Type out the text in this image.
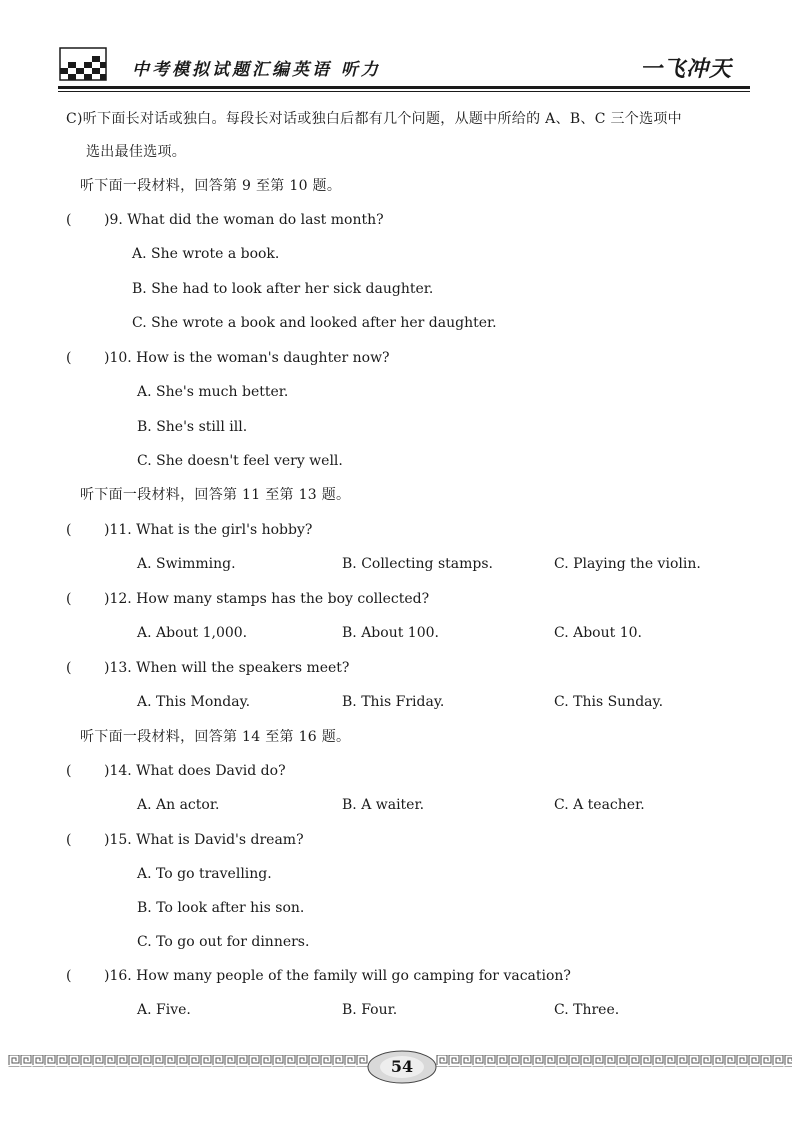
中考模拟试题汇编英语 听力	一飞冲天
C)听下面长对话或独白。每段长对话或独白后都有几个问题，从题中所给的 A、B、C 三个选项中
选出最佳选项。
听下面一段材料，回答第 9 至第 10 题。
( )9. What did the woman do last month?
A. She wrote a book.
B. She had to look after her sick daughter.
C. She wrote a book and looked after her daughter.
( )10. How is the woman's daughter now?
A. She's much better.
B. She's still ill.
C. She doesn't feel very well.
听下面一段材料，回答第 11 至第 13 题。
( )11. What is the girl's hobby?
A. Swimming.	B. Collecting stamps.	C. Playing the violin.
( )12. How many stamps has the boy collected?
A. About 1,000.	B. About 100.	C. About 10.
( )13. When will the speakers meet?
A. This Monday.	B. This Friday.	C. This Sunday.
听下面一段材料，回答第 14 至第 16 题。
( )14. What does David do?
A. An actor.	B. A waiter.	C. A teacher.
( )15. What is David's dream?
A. To go travelling.
B. To look after his son.
C. To go out for dinners.
( )16. How many people of the family will go camping for vacation?
A. Five.	B. Four.	C. Three.
54
